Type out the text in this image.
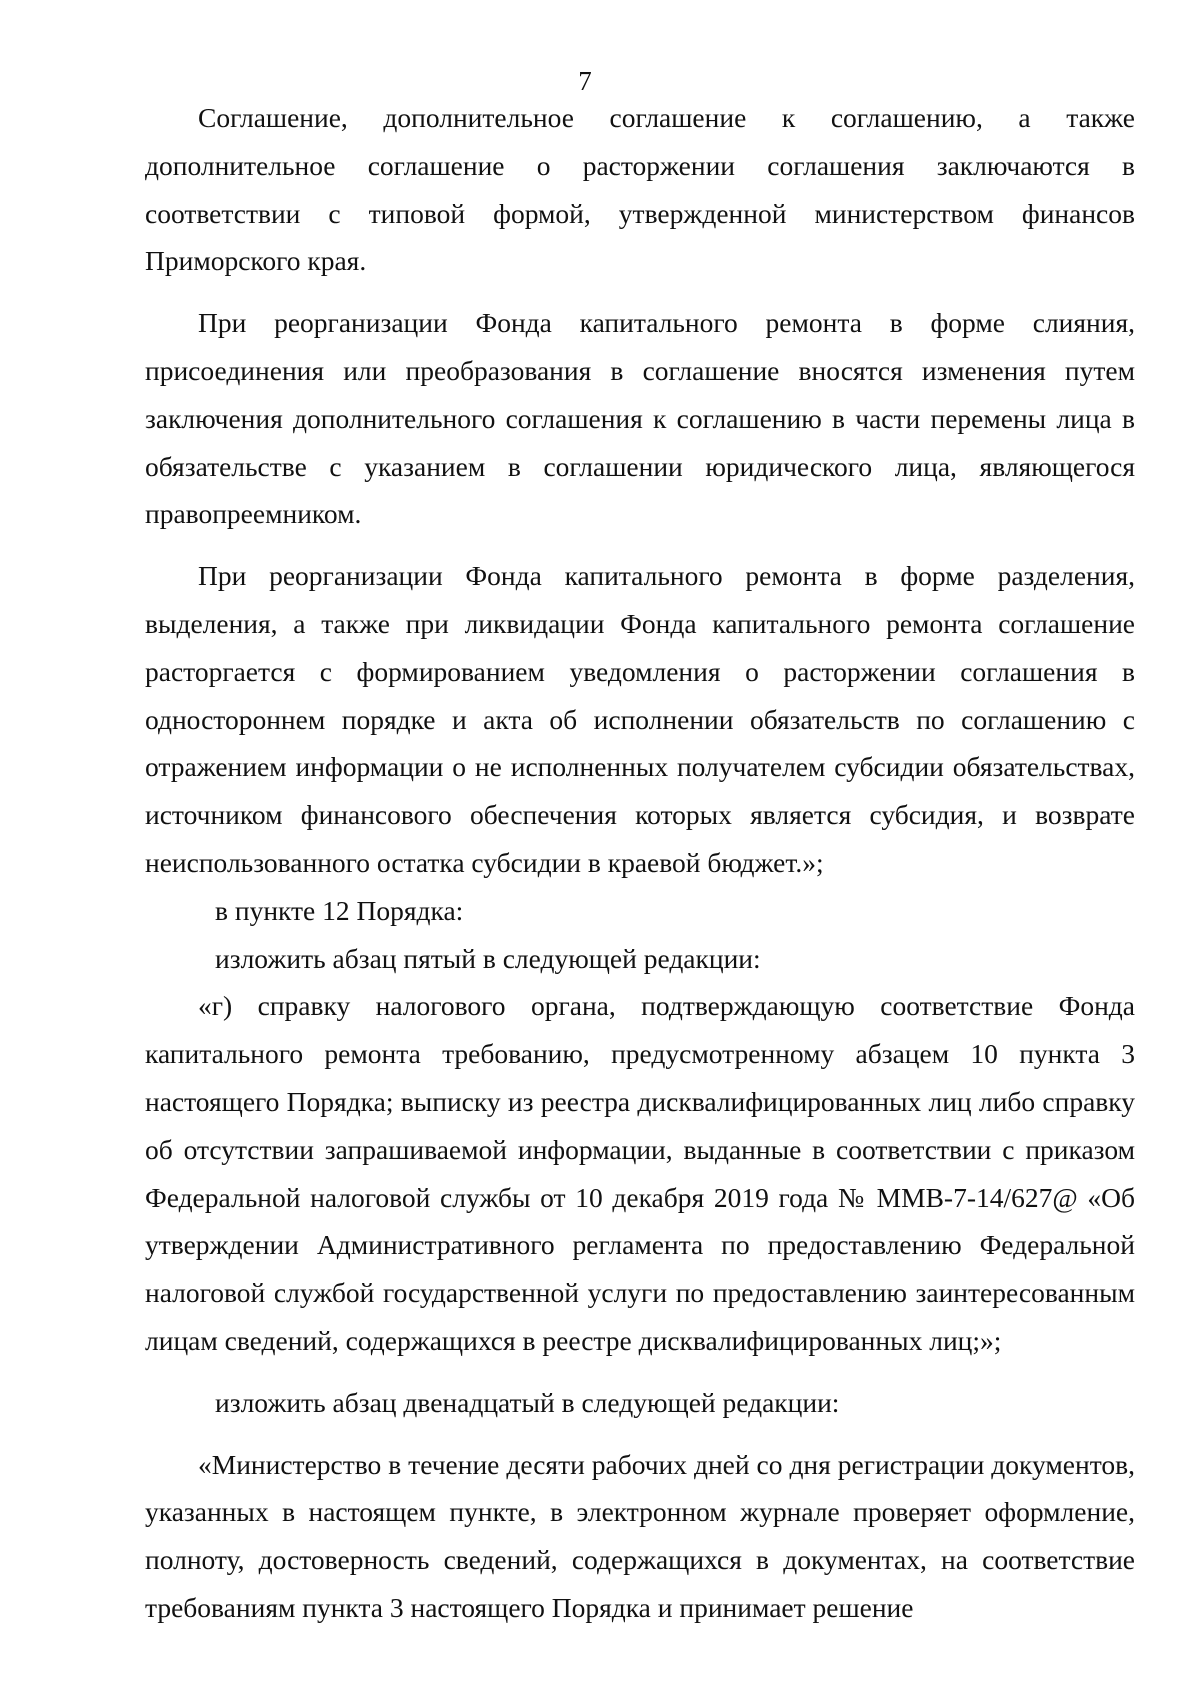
7

Соглашение, дополнительное соглашение к соглашению, а также дополнительное соглашение о расторжении соглашения заключаются в соответствии с типовой формой, утвержденной министерством финансов Приморского края.

При реорганизации Фонда капитального ремонта в форме слияния, присоединения или преобразования в соглашение вносятся изменения путем заключения дополнительного соглашения к соглашению в части перемены лица в обязательстве с указанием в соглашении юридического лица, являющегося правопреемником.

При реорганизации Фонда капитального ремонта в форме разделения, выделения, а также при ликвидации Фонда капитального ремонта соглашение расторгается с формированием уведомления о расторжении соглашения в одностороннем порядке и акта об исполнении обязательств по соглашению с отражением информации о не исполненных получателем субсидии обязательствах, источником финансового обеспечения которых является субсидия, и возврате неиспользованного остатка субсидии в краевой бюджет.»;

в пункте 12 Порядка:

изложить абзац пятый в следующей редакции:

«г) справку налогового органа, подтверждающую соответствие Фонда капитального ремонта требованию, предусмотренному абзацем 10 пункта 3 настоящего Порядка; выписку из реестра дисквалифицированных лиц либо справку об отсутствии запрашиваемой информации, выданные в соответствии с приказом Федеральной налоговой службы от 10 декабря 2019 года № ММВ-7-14/627@ «Об утверждении Административного регламента по предоставлению Федеральной налоговой службой государственной услуги по предоставлению заинтересованным лицам сведений, содержащихся в реестре дисквалифицированных лиц;»;

изложить абзац двенадцатый в следующей редакции:

«Министерство в течение десяти рабочих дней со дня регистрации документов, указанных в настоящем пункте, в электронном журнале проверяет оформление, полноту, достоверность сведений, содержащихся в документах, на соответствие требованиям пункта 3 настоящего Порядка и принимает решение
